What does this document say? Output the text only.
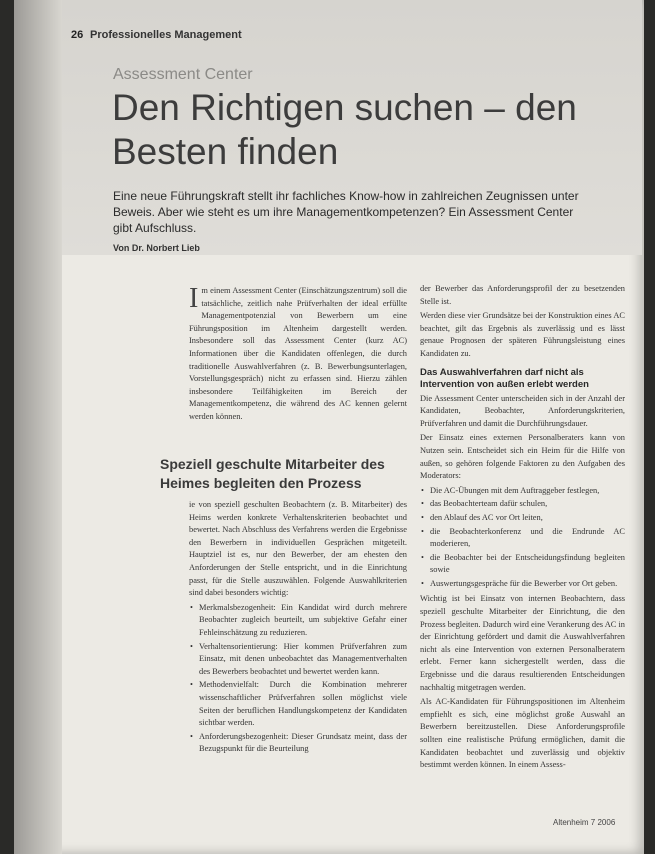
26 Professionelles Management
Assessment Center
Den Richtigen suchen – den Besten finden
Eine neue Führungskraft stellt ihr fachliches Know-how in zahlreichen Zeugnissen unter Beweis. Aber wie steht es um ihre Managementkompetenzen? Ein Assessment Center gibt Aufschluss.
Von Dr. Norbert Lieb

Im einem Assessment Center (Einschätzungszentrum) soll die tatsächliche, zeitlich nahe Prüfverhalten der ideal erfüllte Managementpotenzial von Bewerbern um eine Führungsposition im Altenheim dargestellt werden. Insbesondere soll das Assessment Center (kurz AC) Informationen über die Kandidaten offenlegen, die durch traditionelle Auswahlverfahren (z. B. Bewerbungsunterlagen, Vorstellungsgespräch) nicht zu erfassen sind. Hierzu zählen insbesondere Teilfähigkeiten im Bereich der Managementkompetenz, die während des AC kennen gelernt werden können.

Speziell geschulte Mitarbeiter des Heimes begleiten den Prozess

ie von speziell geschulten Beobachtern (z. B. Mitarbeiter) des Heims werden konkrete Verhaltenskriterien beobachtet und bewertet. Nach Abschluss des Verfahrens werden die Ergebnisse den Bewerbern in individuellen Gesprächen mitgeteilt. Hauptziel ist es, nur den Bewerber, der am ehesten den Anforderungen der Stelle entspricht, und in die Einrichtung passt, für die Stelle auszuwählen. Folgende Auswahlkriterien sind dabei besonders wichtig:

• Merkmalsbezogenheit: Ein Kandidat wird durch mehrere Beobachter zugleich beurteilt, um subjektive Gefahr einer Fehleinschätzung zu reduzieren.
• Verhaltensorientierung: Hier kommen Prüfverfahren zum Einsatz, mit denen unbeobachtet das Managementverhalten des Bewerbers beobachtet und bewertet werden kann.
• Methodenvielfalt: Durch die Kombination mehrerer wissenschaftlicher Prüfverfahren sollen möglichst viele Seiten der beruflichen Handlungskompetenz der Kandidaten sichtbar werden.
• Anforderungsbezogenheit: Dieser Grundsatz meint, dass der Bezugspunkt für die Beurteilung

der Bewerber das Anforderungsprofil der zu besetzenden Stelle ist.

Werden diese vier Grundsätze bei der Konstruktion eines AC beachtet, gilt das Ergebnis als zuverlässig und es lässt genaue Prognosen der späteren Führungsleistung eines Kandidaten zu.

Das Auswahlverfahren darf nicht als Intervention von außen erlebt werden

Die Assessment Center unterscheiden sich in der Anzahl der Kandidaten, Beobachter, Anforderungskriterien, Prüfverfahren und damit die Durchführungsdauer.

Der Einsatz eines externen Personalberaters kann von Nutzen sein. Entscheidet sich ein Heim für die Hilfe von außen, so gehören folgende Faktoren zu den Aufgaben des Moderators:

• Die AC-Übungen mit dem Auftraggeber festlegen,
• das Beobachterteam dafür schulen,
• den Ablauf des AC vor Ort leiten,
• die Beobachterkonferenz und die Endrunde AC moderieren,
• die Beobachter bei der Entscheidungsfindung begleiten sowie
• Auswertungsgespräche für die Bewerber vor Ort geben.

Wichtig ist bei Einsatz von internen Beobachtern, dass speziell geschulte Mitarbeiter der Einrichtung, die den Prozess begleiten. Dadurch wird eine Verankerung des AC in der Einrichtung gefördert und damit die Auswahlverfahren nicht als eine Intervention von externen Personalberatern erlebt. Ferner kann sichergestellt werden, dass die Ergebnisse und die daraus resultierenden Entscheidungen nachhaltig mitgetragen werden.

Als AC-Kandidaten für Führungspositionen im Altenheim empfiehlt es sich, eine möglichst große Auswahl an Bewerbern bereitzustellen. Diese Anforderungsprofile sollten eine realistische Prüfung ermöglichen, damit die Kandidaten beobachtet und zuverlässig und objektiv bestimmt werden können. In einem Assess-

Altenheim 7 2006
